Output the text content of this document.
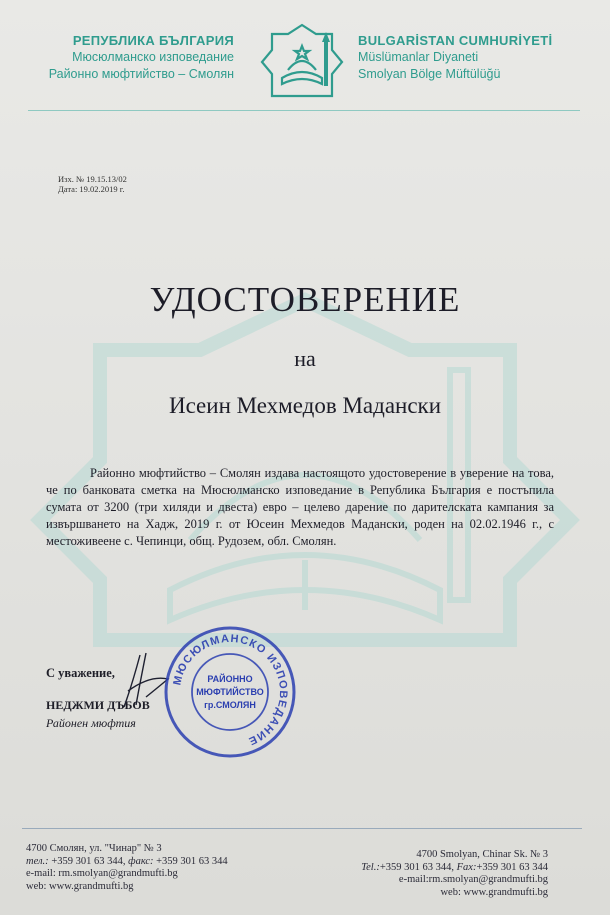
РЕПУБЛИКА БЪЛГАРИЯ
Мюсюлманско изповедание
Районно мюфтийство – Смолян
BULGARİSTAN CUMHURİYETİ
Müslümanlar Diyaneti
Smolyan Bölge Müftülüğü
Изх. № 19.15.13/02
Дата: 19.02.2019 г.
УДОСТОВЕРЕНИЕ
на
Исеин Мехмедов Мадански
Районно мюфтийство – Смолян издава настоящото удостоверение в уверение на това, че по банковата сметка на Мюсюлманско изповедание в Република България е постъпила сумата от 3200 (три хиляди и двеста) евро – целево дарение по дарителската кампания за извършването на Хадж, 2019 г. от Юсеин Мехмедов Мадански, роден на 02.02.1946 г., с местоживеене с. Чепинци, общ. Рудозем, обл. Смолян.
С уважение,
НЕДЖМИ ДЪБОВ
Районен мюфтия
МЮСЮЛМАНСКО ИЗПОВЕДАНИЕ
РАЙОННО
МЮФТИЙСТВО
гр.СМОЛЯН
4700 Смолян, ул. "Чинар" № 3
тел.: +359 301 63 344, факс: +359 301 63 344
e-mail: rm.smolyan@grandmufti.bg
web: www.grandmufti.bg
4700 Smolyan, Chinar Sk. № 3
Tel.:+359 301 63 344, Fax:+359 301 63 344
e-mail:rm.smolyan@grandmufti.bg
web: www.grandmufti.bg
